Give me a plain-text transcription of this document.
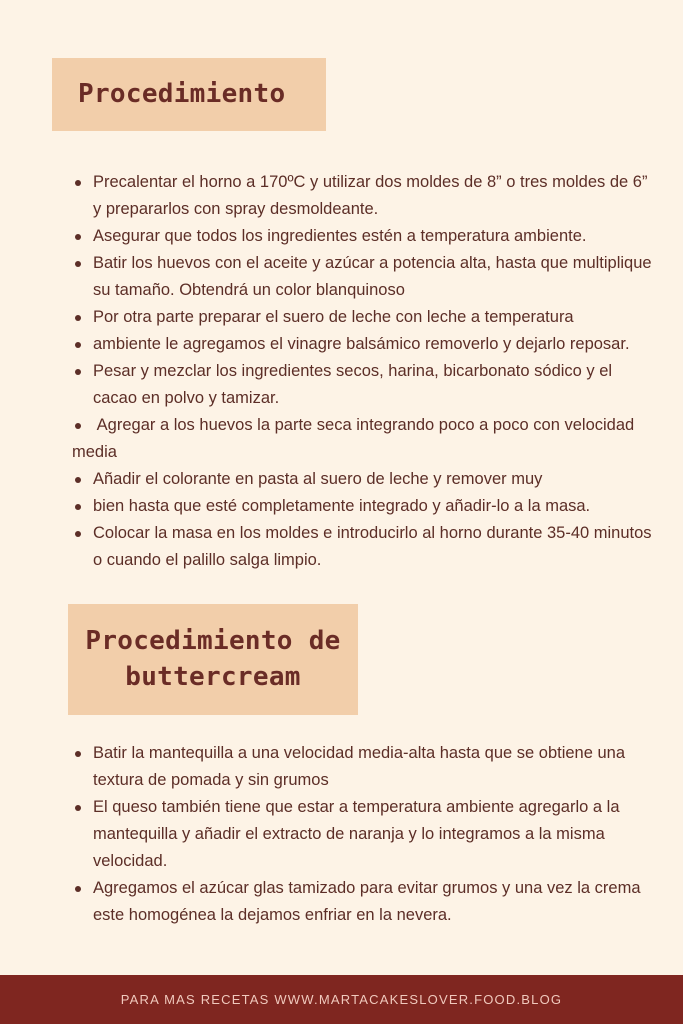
Procedimiento
Precalentar el horno a 170ºC y utilizar dos moldes de 8” o tres moldes de 6” y prepararlos con spray desmoldeante.
Asegurar que todos los ingredientes estén a temperatura ambiente.
Batir los huevos con el aceite y azúcar a potencia alta, hasta que multiplique su tamaño. Obtendrá un color blanquinoso
Por otra parte preparar el suero de leche con leche a temperatura
ambiente le agregamos el vinagre balsámico removerlo y dejarlo reposar.
Pesar y mezclar los ingredientes secos, harina, bicarbonato sódico y el cacao en polvo y tamizar.
Agregar a los huevos la parte seca integrando poco a poco con velocidad media
Añadir el colorante en pasta al suero de leche y remover muy
bien hasta que esté completamente integrado y añadir-lo a la masa.
Colocar la masa en los moldes e introducirlo al horno durante 35-40 minutos o cuando el palillo salga limpio.
Procedimiento de
buttercream
Batir la mantequilla a una velocidad media-alta hasta que se obtiene una textura de pomada y sin grumos
El queso también tiene que estar a temperatura ambiente agregarlo a la mantequilla y añadir el extracto de naranja y lo integramos a la misma velocidad.
Agregamos el azúcar glas tamizado para evitar grumos y una vez la crema este homogénea la dejamos enfriar en la nevera.
PARA MAS RECETAS WWW.MARTACAKESLOVER.FOOD.BLOG
